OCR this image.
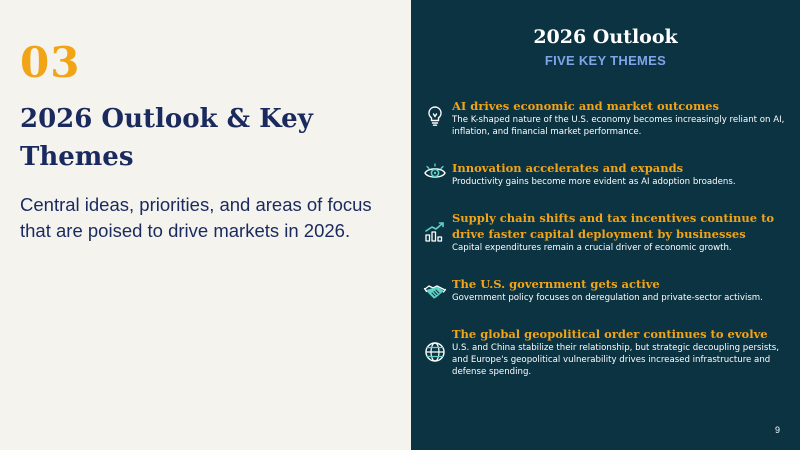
03
2026 Outlook & Key Themes
Central ideas, priorities, and areas of focus that are poised to drive markets in 2026.
2026 Outlook
FIVE KEY THEMES
AI drives economic and market outcomes
The K-shaped nature of the U.S. economy becomes increasingly reliant on AI, inflation, and financial market performance.
Innovation accelerates and expands
Productivity gains become more evident as AI adoption broadens.
Supply chain shifts and tax incentives continue to drive faster capital deployment by businesses
Capital expenditures remain a crucial driver of economic growth.
The U.S. government gets active
Government policy focuses on deregulation and private-sector activism.
The global geopolitical order continues to evolve
U.S. and China stabilize their relationship, but strategic decoupling persists, and Europe's geopolitical vulnerability drives increased infrastructure and defense spending.
9
